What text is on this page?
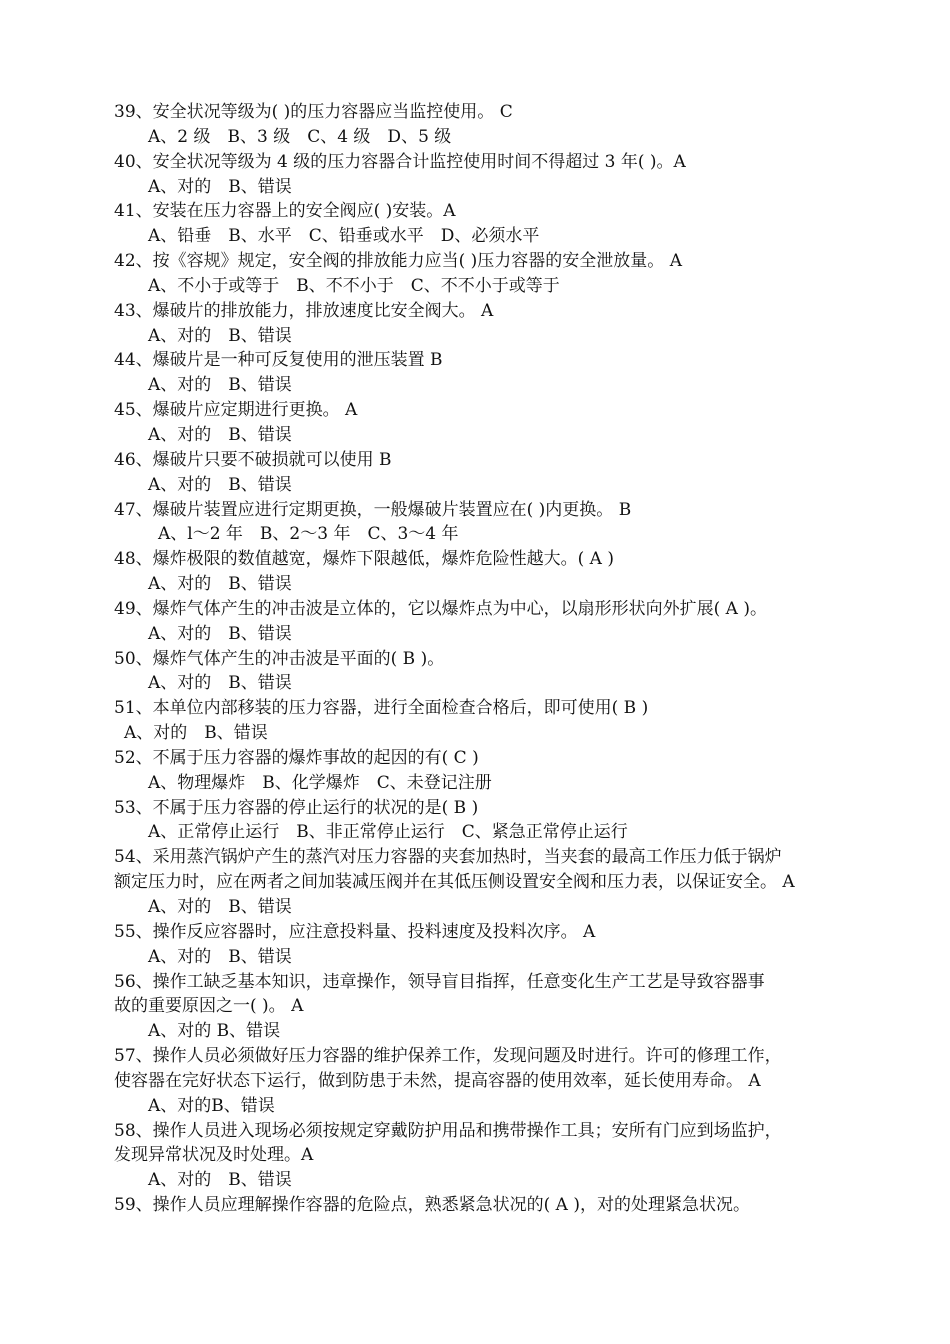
39、安全状况等级为( )的压力容器应当监控使用。 C
A、2 级　B、3 级　C、4 级　D、5 级
40、安全状况等级为 4 级的压力容器合计监控使用时间不得超过 3 年( )。A
A、对的　B、错误
41、安装在压力容器上的安全阀应( )安装。A
A、铅垂　B、水平　C、铅垂或水平　D、必须水平
42、按《容规》规定，安全阀的排放能力应当( )压力容器的安全泄放量。 A
A、不小于或等于　B、不不小于　C、不不小于或等于
43、爆破片的排放能力，排放速度比安全阀大。 A
A、对的　B、错误
44、爆破片是一种可反复使用的泄压装置 B
A、对的　B、错误
45、爆破片应定期进行更换。 A
A、对的　B、错误
46、爆破片只要不破损就可以使用 B
A、对的　B、错误
47、爆破片装置应进行定期更换，一般爆破片装置应在( )内更换。 B
A、l～2 年　B、2～3 年　C、3～4 年
48、爆炸极限的数值越宽，爆炸下限越低，爆炸危险性越大。( A )
A、对的　B、错误
49、爆炸气体产生的冲击波是立体的，它以爆炸点为中心，以扇形形状向外扩展( A )。
A、对的　B、错误
50、爆炸气体产生的冲击波是平面的( B )。
A、对的　B、错误
51、本单位内部移装的压力容器，进行全面检查合格后，即可使用( B )
A、对的　B、错误
52、不属于压力容器的爆炸事故的起因的有( C )
A、物理爆炸　B、化学爆炸　C、未登记注册
53、不属于压力容器的停止运行的状况的是( B )
A、正常停止运行　B、非正常停止运行　C、紧急正常停止运行
54、采用蒸汽锅炉产生的蒸汽对压力容器的夹套加热时，当夹套的最高工作压力低于锅炉
额定压力时，应在两者之间加装减压阀并在其低压侧设置安全阀和压力表，以保证安全。 A
A、对的　B、错误
55、操作反应容器时，应注意投料量、投料速度及投料次序。 A
A、对的　B、错误
56、操作工缺乏基本知识，违章操作，领导盲目指挥，任意变化生产工艺是导致容器事
故的重要原因之一( )。 A
A、对的 B、错误
57、操作人员必须做好压力容器的维护保养工作，发现问题及时进行。许可的修理工作，
使容器在完好状态下运行，做到防患于未然，提高容器的使用效率，延长使用寿命。 A
A、对的B、错误
58、操作人员进入现场必须按规定穿戴防护用品和携带操作工具；安所有门应到场监护，
发现异常状况及时处理。A
A、对的　B、错误
59、操作人员应理解操作容器的危险点，熟悉紧急状况的( A )，对的处理紧急状况。
